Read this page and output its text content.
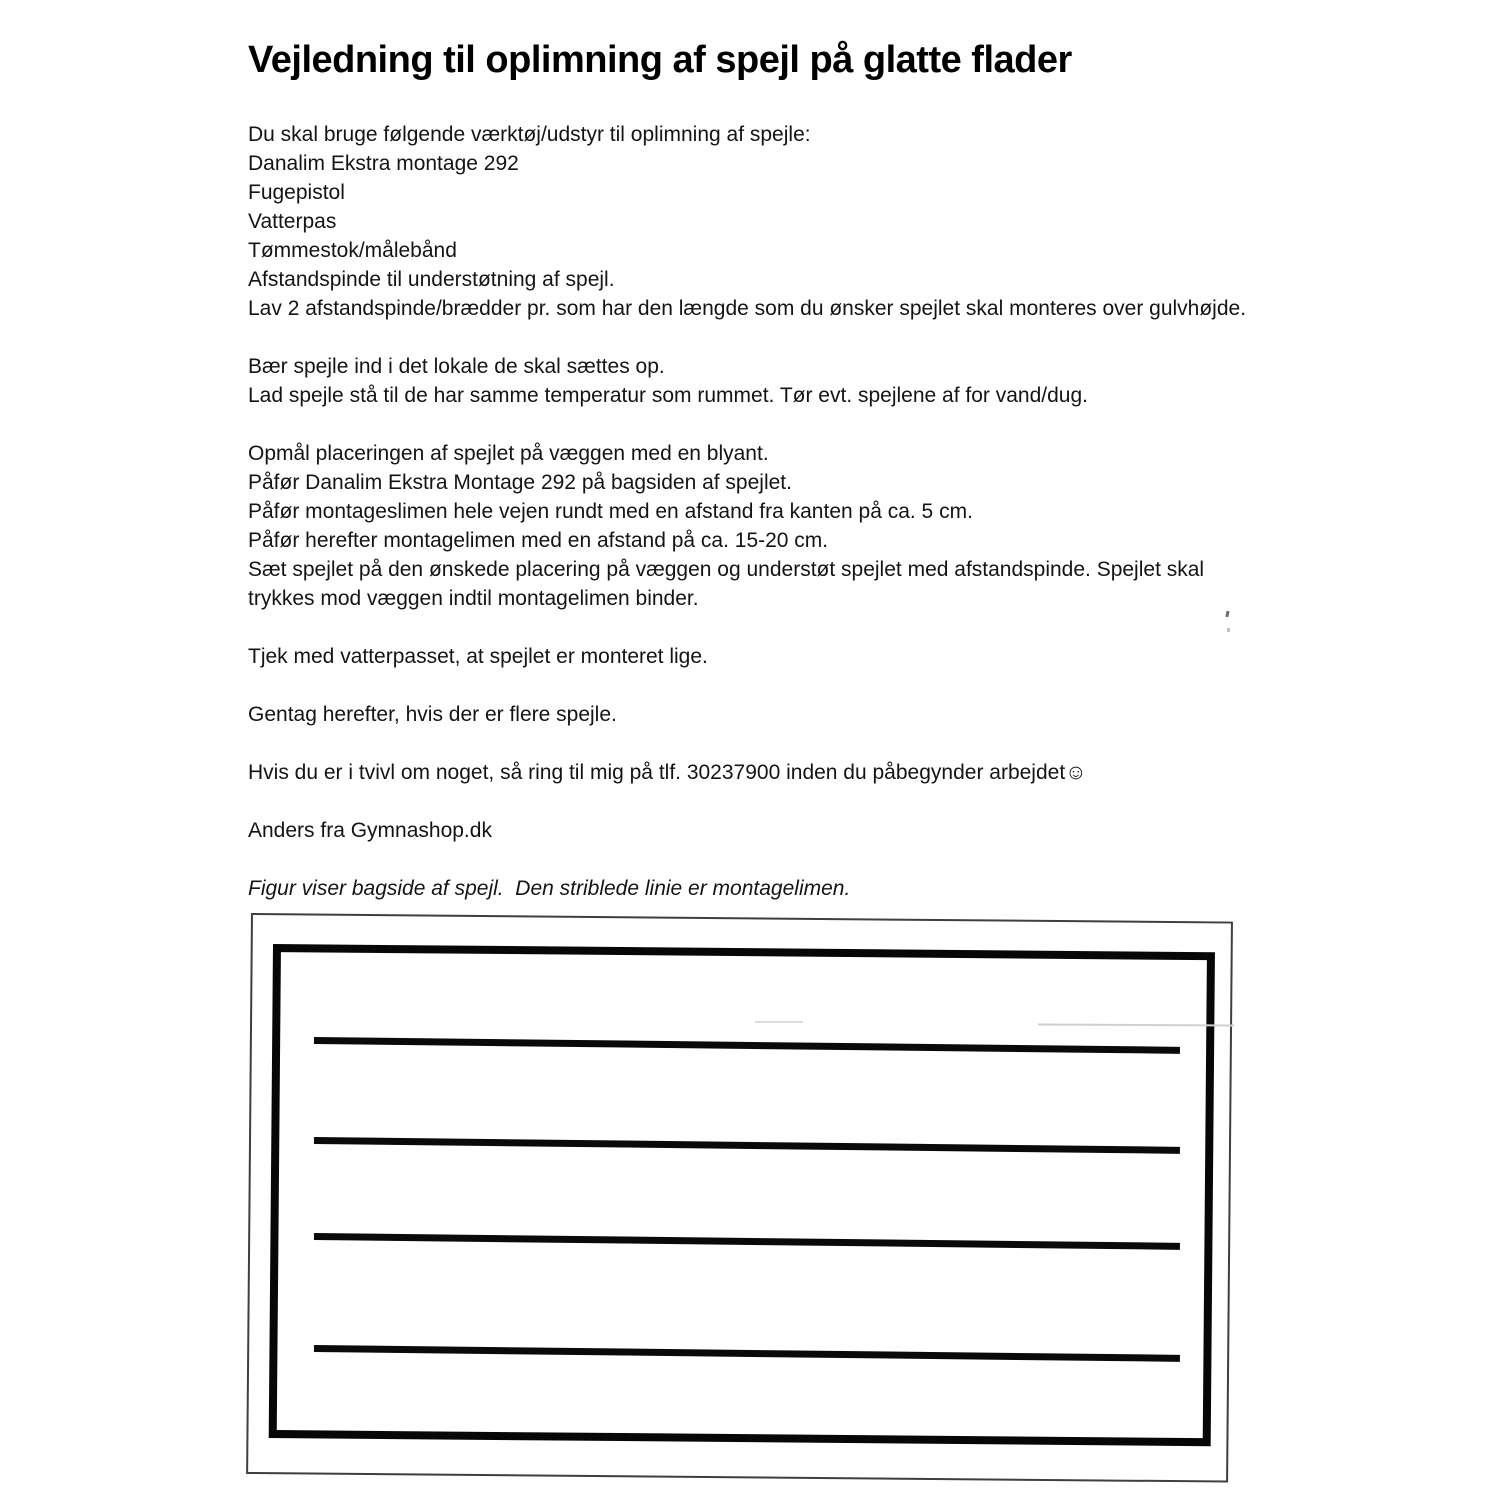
Vejledning til oplimning af spejl på glatte flader

Du skal bruge følgende værktøj/udstyr til oplimning af spejle:
Danalim Ekstra montage 292
Fugepistol
Vatterpas
Tømmestok/målebånd
Afstandspinde til understøtning af spejl.
Lav 2 afstandspinde/brædder pr. som har den længde som du ønsker spejlet skal monteres over gulvhøjde.

Bær spejle ind i det lokale de skal sættes op.
Lad spejle stå til de har samme temperatur som rummet. Tør evt. spejlene af for vand/dug.

Opmål placeringen af spejlet på væggen med en blyant.
Påfør Danalim Ekstra Montage 292 på bagsiden af spejlet.
Påfør montageslimen hele vejen rundt med en afstand fra kanten på ca. 5 cm.
Påfør herefter montagelimen med en afstand på ca. 15-20 cm.
Sæt spejlet på den ønskede placering på væggen og understøt spejlet med afstandspinde. Spejlet skal
trykkes mod væggen indtil montagelimen binder.

Tjek med vatterpasset, at spejlet er monteret lige.

Gentag herefter, hvis der er flere spejle.

Hvis du er i tvivl om noget, så ring til mig på tlf. 30237900 inden du påbegynder arbejdet☺

Anders fra Gymnashop.dk

Figur viser bagside af spejl.  Den striblede linie er montagelimen.
